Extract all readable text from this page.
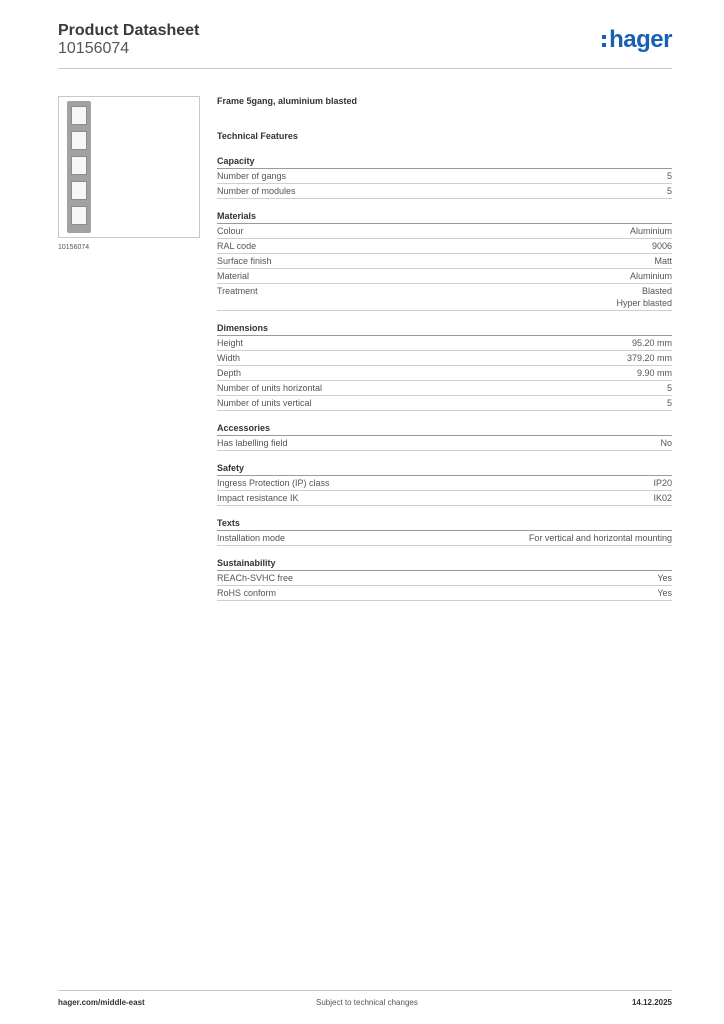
Product Datasheet
10156074	hager
10156074
Frame 5gang, aluminium blasted
Technical Features
Capacity
Number of gangs	5
Number of modules	5
Materials
Colour	Aluminium
RAL code	9006
Surface finish	Matt
Material	Aluminium
Treatment	Blasted
Hyper blasted
Dimensions
Height	95.20 mm
Width	379.20 mm
Depth	9.90 mm
Number of units horizontal	5
Number of units vertical	5
Accessories
Has labelling field	No
Safety
Ingress Protection (IP) class	IP20
Impact resistance IK	IK02
Texts
Installation mode	For vertical and horizontal mounting
Sustainability
REACh-SVHC free	Yes
RoHS conform	Yes
hager.com/middle-east	Subject to technical changes	14.12.2025
